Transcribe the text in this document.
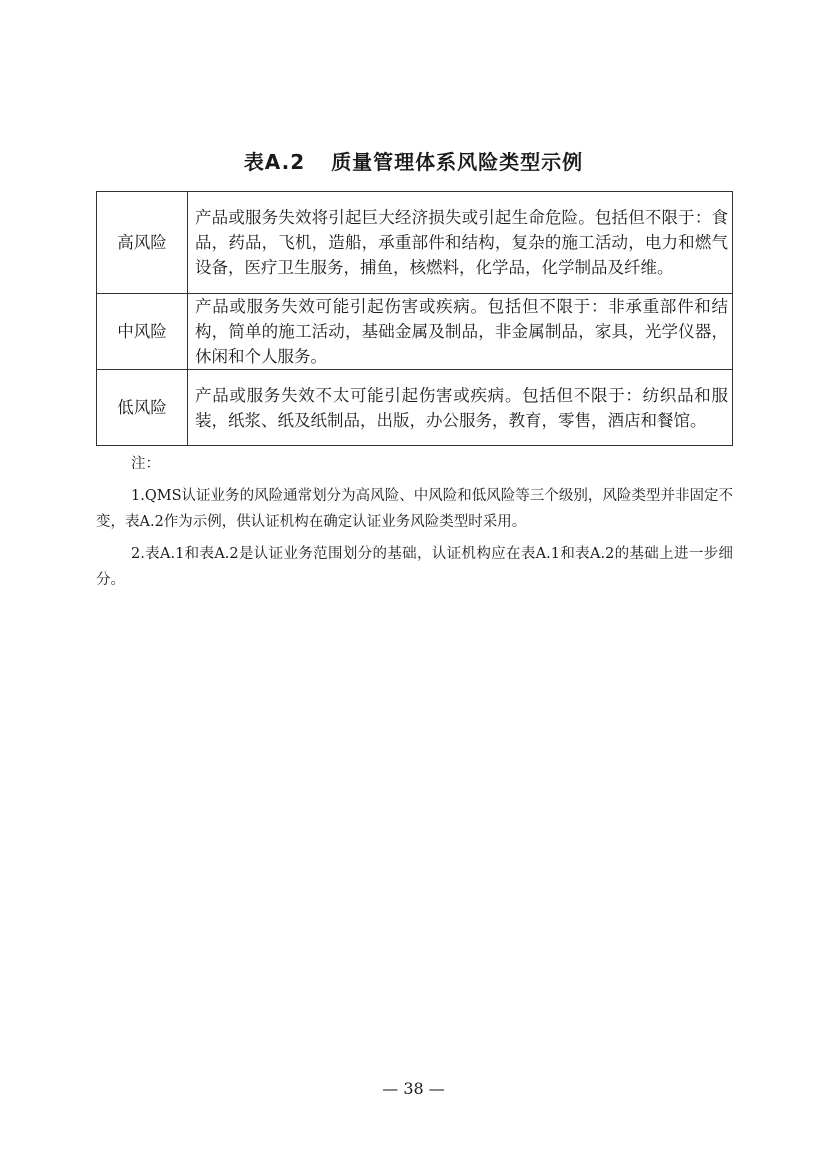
表A.2 质量管理体系风险类型示例
高风险	产品或服务失效将引起巨大经济损失或引起生命危险。包括但不限于：食品，药品，飞机，造船，承重部件和结构，复杂的施工活动，电力和燃气设备，医疗卫生服务，捕鱼，核燃料，化学品，化学制品及纤维。
中风险	产品或服务失效可能引起伤害或疾病。包括但不限于：非承重部件和结构，简单的施工活动，基础金属及制品，非金属制品，家具，光学仪器，休闲和个人服务。
低风险	产品或服务失效不太可能引起伤害或疾病。包括但不限于：纺织品和服装，纸浆、纸及纸制品，出版，办公服务，教育，零售，酒店和餐馆。
注：
1.QMS认证业务的风险通常划分为高风险、中风险和低风险等三个级别，风险类型并非固定不变，表A.2作为示例，供认证机构在确定认证业务风险类型时采用。
2.表A.1和表A.2是认证业务范围划分的基础，认证机构应在表A.1和表A.2的基础上进一步细分。
— 38 —
